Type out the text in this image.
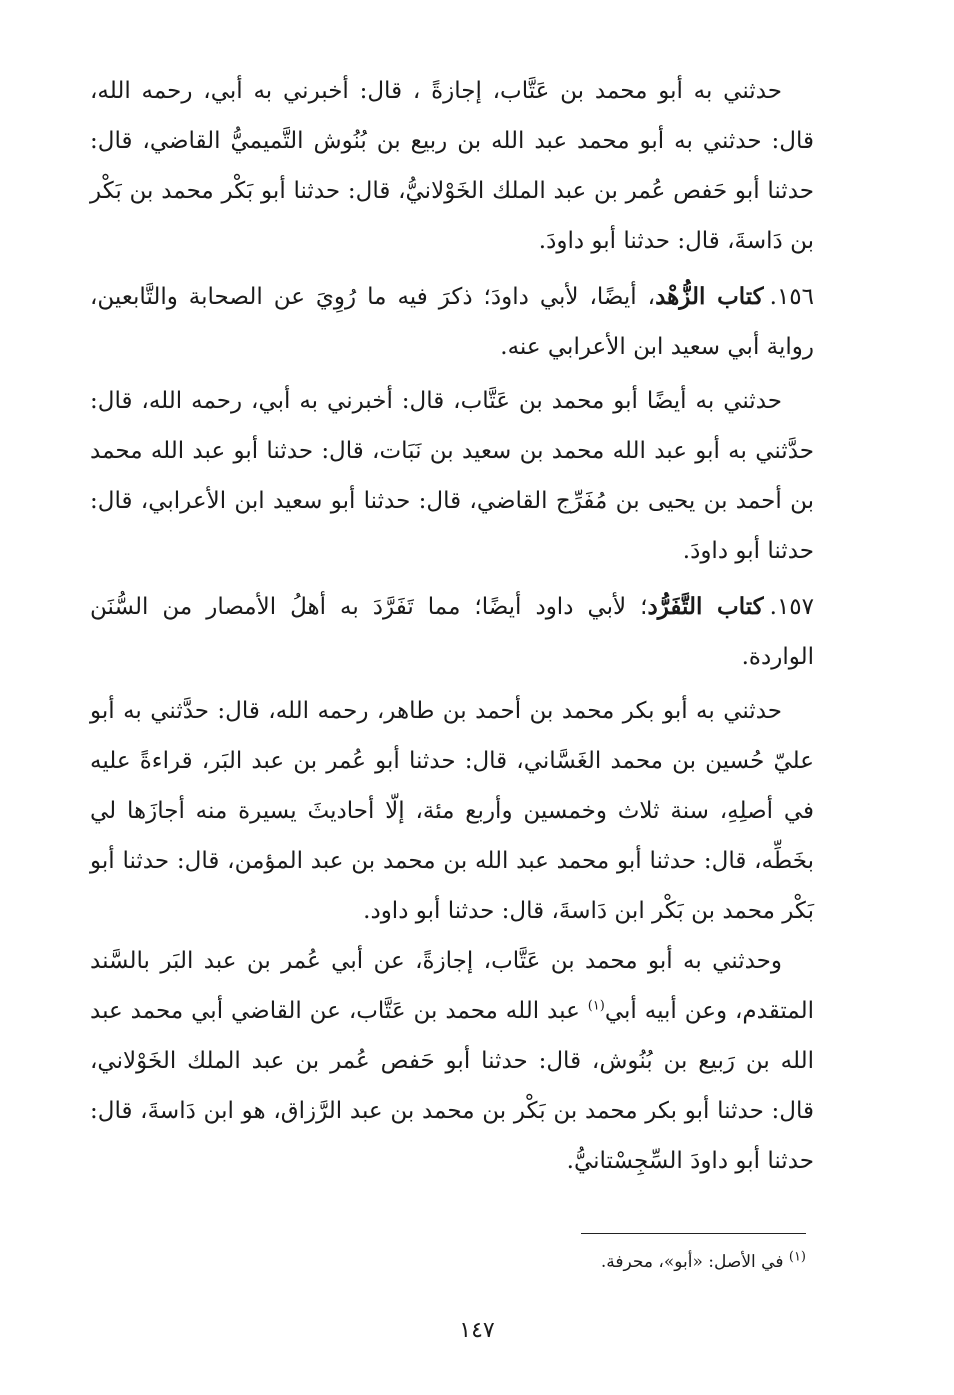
حدثني به أبو محمد بن عَتَّاب، إجازةً ، قال: أخبرني به أبي، رحمه الله، قال: حدثني به أبو محمد عبد الله بن ربيع بن بُنُوش التَّميميُّ القاضي، قال: حدثنا أبو حَفص عُمر بن عبد الملك الخَوْلانيُّ، قال: حدثنا أبو بَكْر محمد بن بَكْر بن دَاسةَ، قال: حدثنا أبو داودَ.

١٥٦.كتاب الزُّهْد، أيضًا، لأبي داودَ؛ ذكرَ فيه ما رُوِيَ عن الصحابة والتَّابعين، رواية أبي سعيد ابن الأعرابي عنه.

حدثني به أيضًا أبو محمد بن عَتَّاب، قال: أخبرني به أبي، رحمه الله، قال: حدَّثني به أبو عبد الله محمد بن سعيد بن نَبَات، قال: حدثنا أبو عبد الله محمد بن أحمد بن يحيى بن مُفَرِّج القاضي، قال: حدثنا أبو سعيد ابن الأعرابي، قال: حدثنا أبو داودَ.

١٥٧.كتاب التَّفَرُّد؛ لأبي داود أيضًا؛ مما تَفَرَّدَ به أهلُ الأمصار من السُّنَن الواردة.

حدثني به أبو بكر محمد بن أحمد بن طاهر، رحمه الله، قال: حدَّثني به أبو عليّ حُسين بن محمد الغَسَّاني، قال: حدثنا أبو عُمر بن عبد البَر، قراءةً عليه في أصلِهِ، سنة ثلاث وخمسين وأربع مئة، إلّا أحاديثَ يسيرة منه أجازَها لي بخَطِّه، قال: حدثنا أبو محمد عبد الله بن محمد بن عبد المؤمن، قال: حدثنا أبو بَكْر محمد بن بَكْر ابن دَاسةَ، قال: حدثنا أبو داود.

وحدثني به أبو محمد بن عَتَّاب، إجازةً، عن أبي عُمر بن عبد البَر بالسَّند المتقدم، وعن أبيه أبي$^{(١)}$ عبد الله محمد بن عَتَّاب، عن القاضي أبي محمد عبد الله بن رَبيع بن بُنُوش، قال: حدثنا أبو حَفص عُمر بن عبد الملك الخَوْلاني، قال: حدثنا أبو بكر محمد بن بَكْر بن محمد بن عبد الرَّزاق، هو ابن دَاسةَ، قال: حدثنا أبو داودَ السِّجِسْتانيُّ.

$^{(١)}$ في الأصل: «أبو»، محرفة.
١٤٧
